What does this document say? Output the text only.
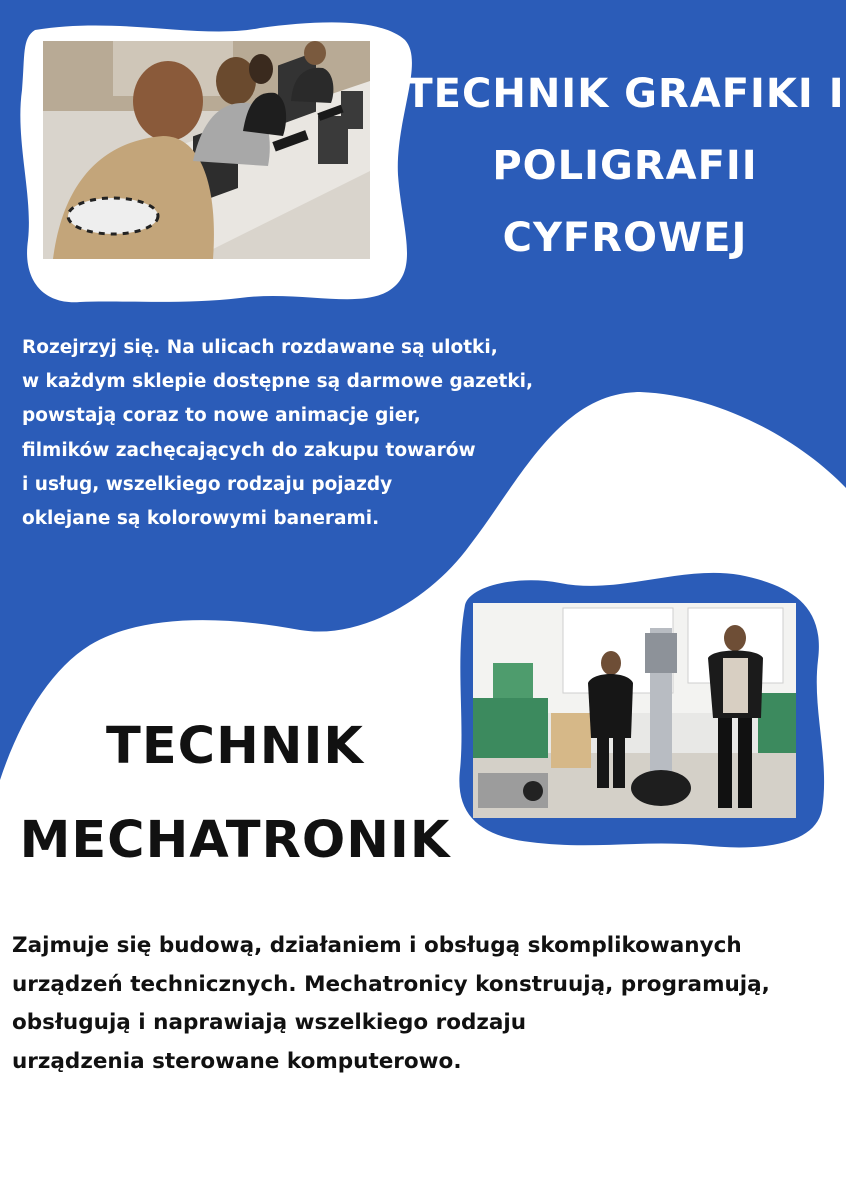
TECHNIK GRAFIKI I
POLIGRAFII
CYFROWEJ

Rozejrzyj się. Na ulicach rozdawane są ulotki,
w każdym sklepie dostępne są darmowe gazetki,
powstają coraz to nowe animacje gier,
filmików zachęcających do zakupu towarów
i usług, wszelkiego rodzaju pojazdy
oklejane są kolorowymi banerami.

TECHNIK
MECHATRONIK

Zajmuje się budową, działaniem i obsługą skomplikowanych
urządzeń technicznych. Mechatronicy konstruują, programują,
obsługują i naprawiają wszelkiego rodzaju
urządzenia sterowane komputerowo.
